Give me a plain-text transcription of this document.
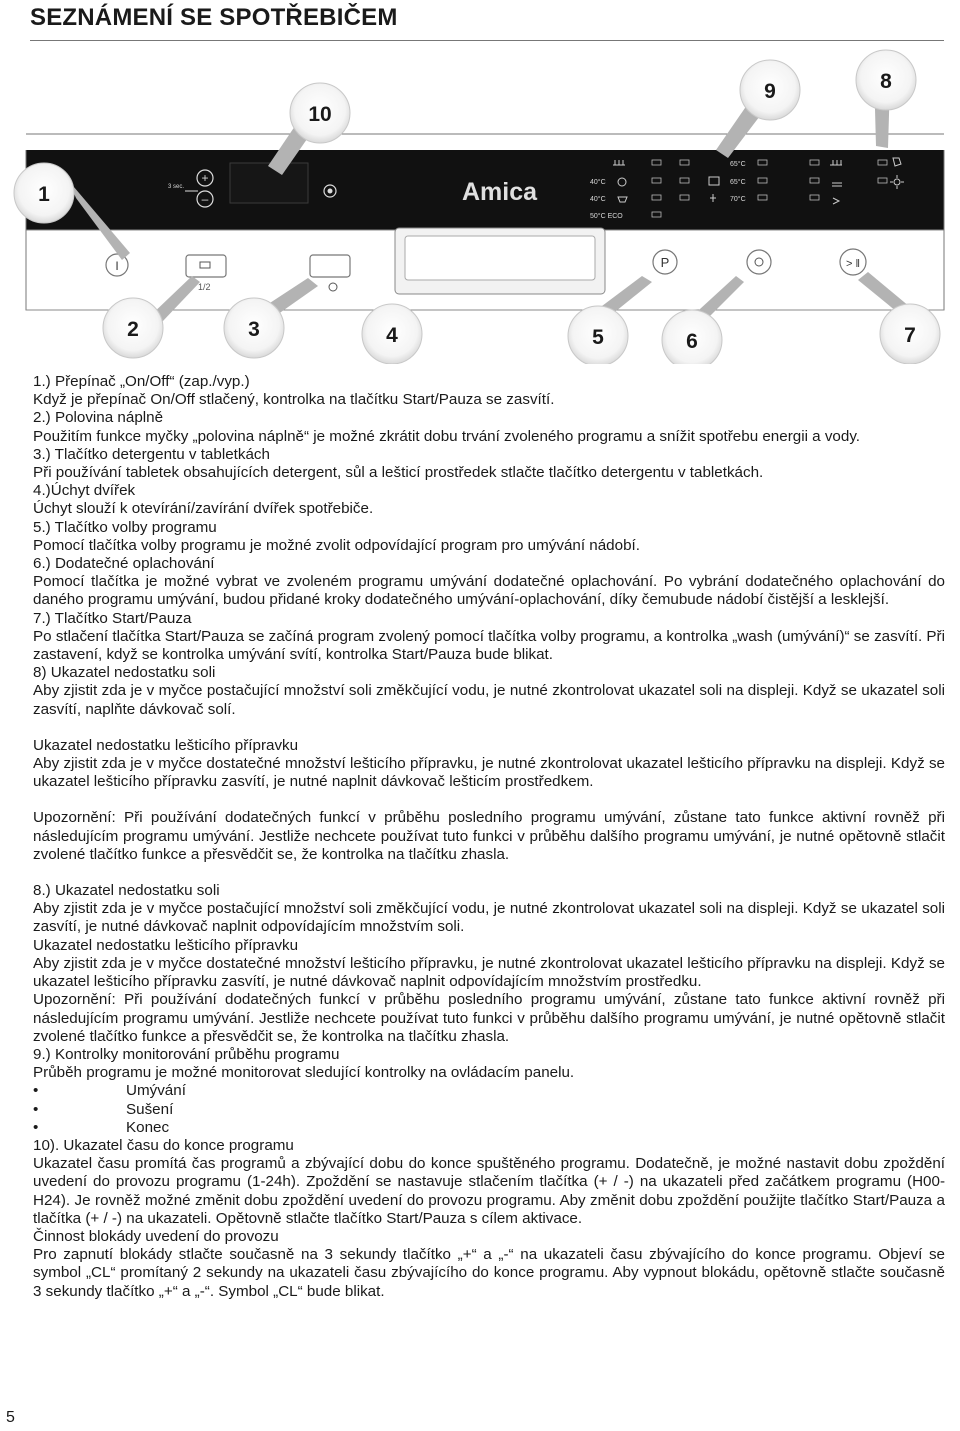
SEZNÁMENÍ SE SPOTŘEBIČEM
3 sec.
+
–	Amica	40°C
40°C
50°C ECO
65°C
65°C
70°C
I
1/2
P	> ǁ
1
2	3	4	5	6	7
8
9
10

1.) Přepínač „On/Off“ (zap./vyp.)

Když je přepínač On/Off stlačený, kontrolka na tlačítku Start/Pauza se zasvítí.

2.) Polovina náplně

Použitím funkce myčky „polovina náplně“ je možné zkrátit dobu trvání zvoleného programu a snížit spotřebu energii a vody.

3.) Tlačítko detergentu v tabletkách

Při používání tabletek obsahujících detergent, sůl a lešticí prostředek stlačte tlačítko detergentu v tabletkách.

4.)Úchyt dvířek

Úchyt slouží k otevírání/zavírání dvířek spotřebiče.

5.) Tlačítko volby programu

Pomocí tlačítka volby programu je možné zvolit odpovídající program pro umývání nádobí.

6.) Dodatečné oplachování

Pomocí tlačítka je možné vybrat ve zvoleném programu umývání dodatečné oplachování. Po vybrání dodatečného oplachování do daného programu umývání, budou přidané kroky dodatečného umývání-oplachování, díky čemubude nádobí čistější a lesklejší.

7.) Tlačítko Start/Pauza

Po stlačení tlačítka Start/Pauza se začíná program zvolený pomocí tlačítka volby programu, a kontrolka „wash (umývání)“ se zasvítí. Při zastavení, když se kontrolka umývání svítí, kontrolka Start/Pauza bude blikat.

8) Ukazatel nedostatku soli

Aby zjistit zda je v myčce postačující množství soli změkčující vodu, je nutné zkontrolovat ukazatel soli na displeji. Když se ukazatel soli zasvítí, naplňte dávkovač solí.

Ukazatel nedostatku lešticího přípravku

Aby zjistit zda je v myčce dostatečné množství lešticího přípravku, je nutné zkontrolovat ukazatel lešticího přípravku na displeji. Když se ukazatel lešticího přípravku zasvítí, je nutné naplnit dávkovač lešticím prostředkem.

Upozornění: Při používání dodatečných funkcí v průběhu posledního programu umývání, zůstane tato funkce aktivní rovněž při následujícím programu umývání. Jestliže nechcete používat tuto funkci v průběhu dalšího programu umývání, je nutné opětovně stlačit zvolené tlačítko funkce a přesvědčit se, že kontrolka na tlačítku zhasla.

8.) Ukazatel nedostatku soli

Aby zjistit zda je v myčce postačující množství soli změkčující vodu, je nutné zkontrolovat ukazatel soli na displeji. Když se ukazatel soli zasvítí, je nutné dávkovač naplnit odpovídajícím množstvím soli.

Ukazatel nedostatku lešticího přípravku

Aby zjistit zda je v myčce dostatečné množství lešticího přípravku, je nutné zkontrolovat ukazatel lešticího přípravku na displeji. Když se ukazatel lešticího přípravku zasvítí, je nutné dávkovač naplnit odpovídajícím množstvím prostředku.

Upozornění: Při používání dodatečných funkcí v průběhu posledního programu umývání, zůstane tato funkce aktivní rovněž při následujícím programu umývání. Jestliže nechcete používat tuto funkci v průběhu dalšího programu umývání, je nutné opětovně stlačit zvolené tlačítko funkce a přesvědčit se, že kontrolka na tlačítku zhasla.

9.) Kontrolky monitorování průběhu programu

Průběh programu je možné monitorovat sledující kontrolky na ovládacím panelu.

•	Umývání

•	Sušení

•	Konec

10). Ukazatel času do konce programu

Ukazatel času promítá čas programů a zbývající dobu do konce spuštěného programu. Dodatečně, je možné nastavit dobu zpoždění uvedení do provozu programu (1-24h). Zpoždění se nastavuje stlačením tlačítka (+ / -) na ukazateli před začátkem programu (H00-H24). Je rovněž možné změnit dobu zpoždění uvedení do provozu programu. Aby změnit dobu zpoždění použijte tlačítko Start/Pauza a tlačítka (+ / -) na ukazateli. Opětovně stlačte tlačítko Start/Pauza s cílem aktivace.

Činnost blokády uvedení do provozu

Pro zapnutí blokády stlačte současně na 3 sekundy tlačítko „+“ a „-“ na ukazateli času zbývajícího do konce programu. Objeví se symbol „CL“ promítaný 2 sekundy na ukazateli času zbývajícího do konce programu. Aby vypnout blokádu, opětovně stlačte současně 3 sekundy tlačítko „+“ a „-“. Symbol „CL“ bude blikat.

5
